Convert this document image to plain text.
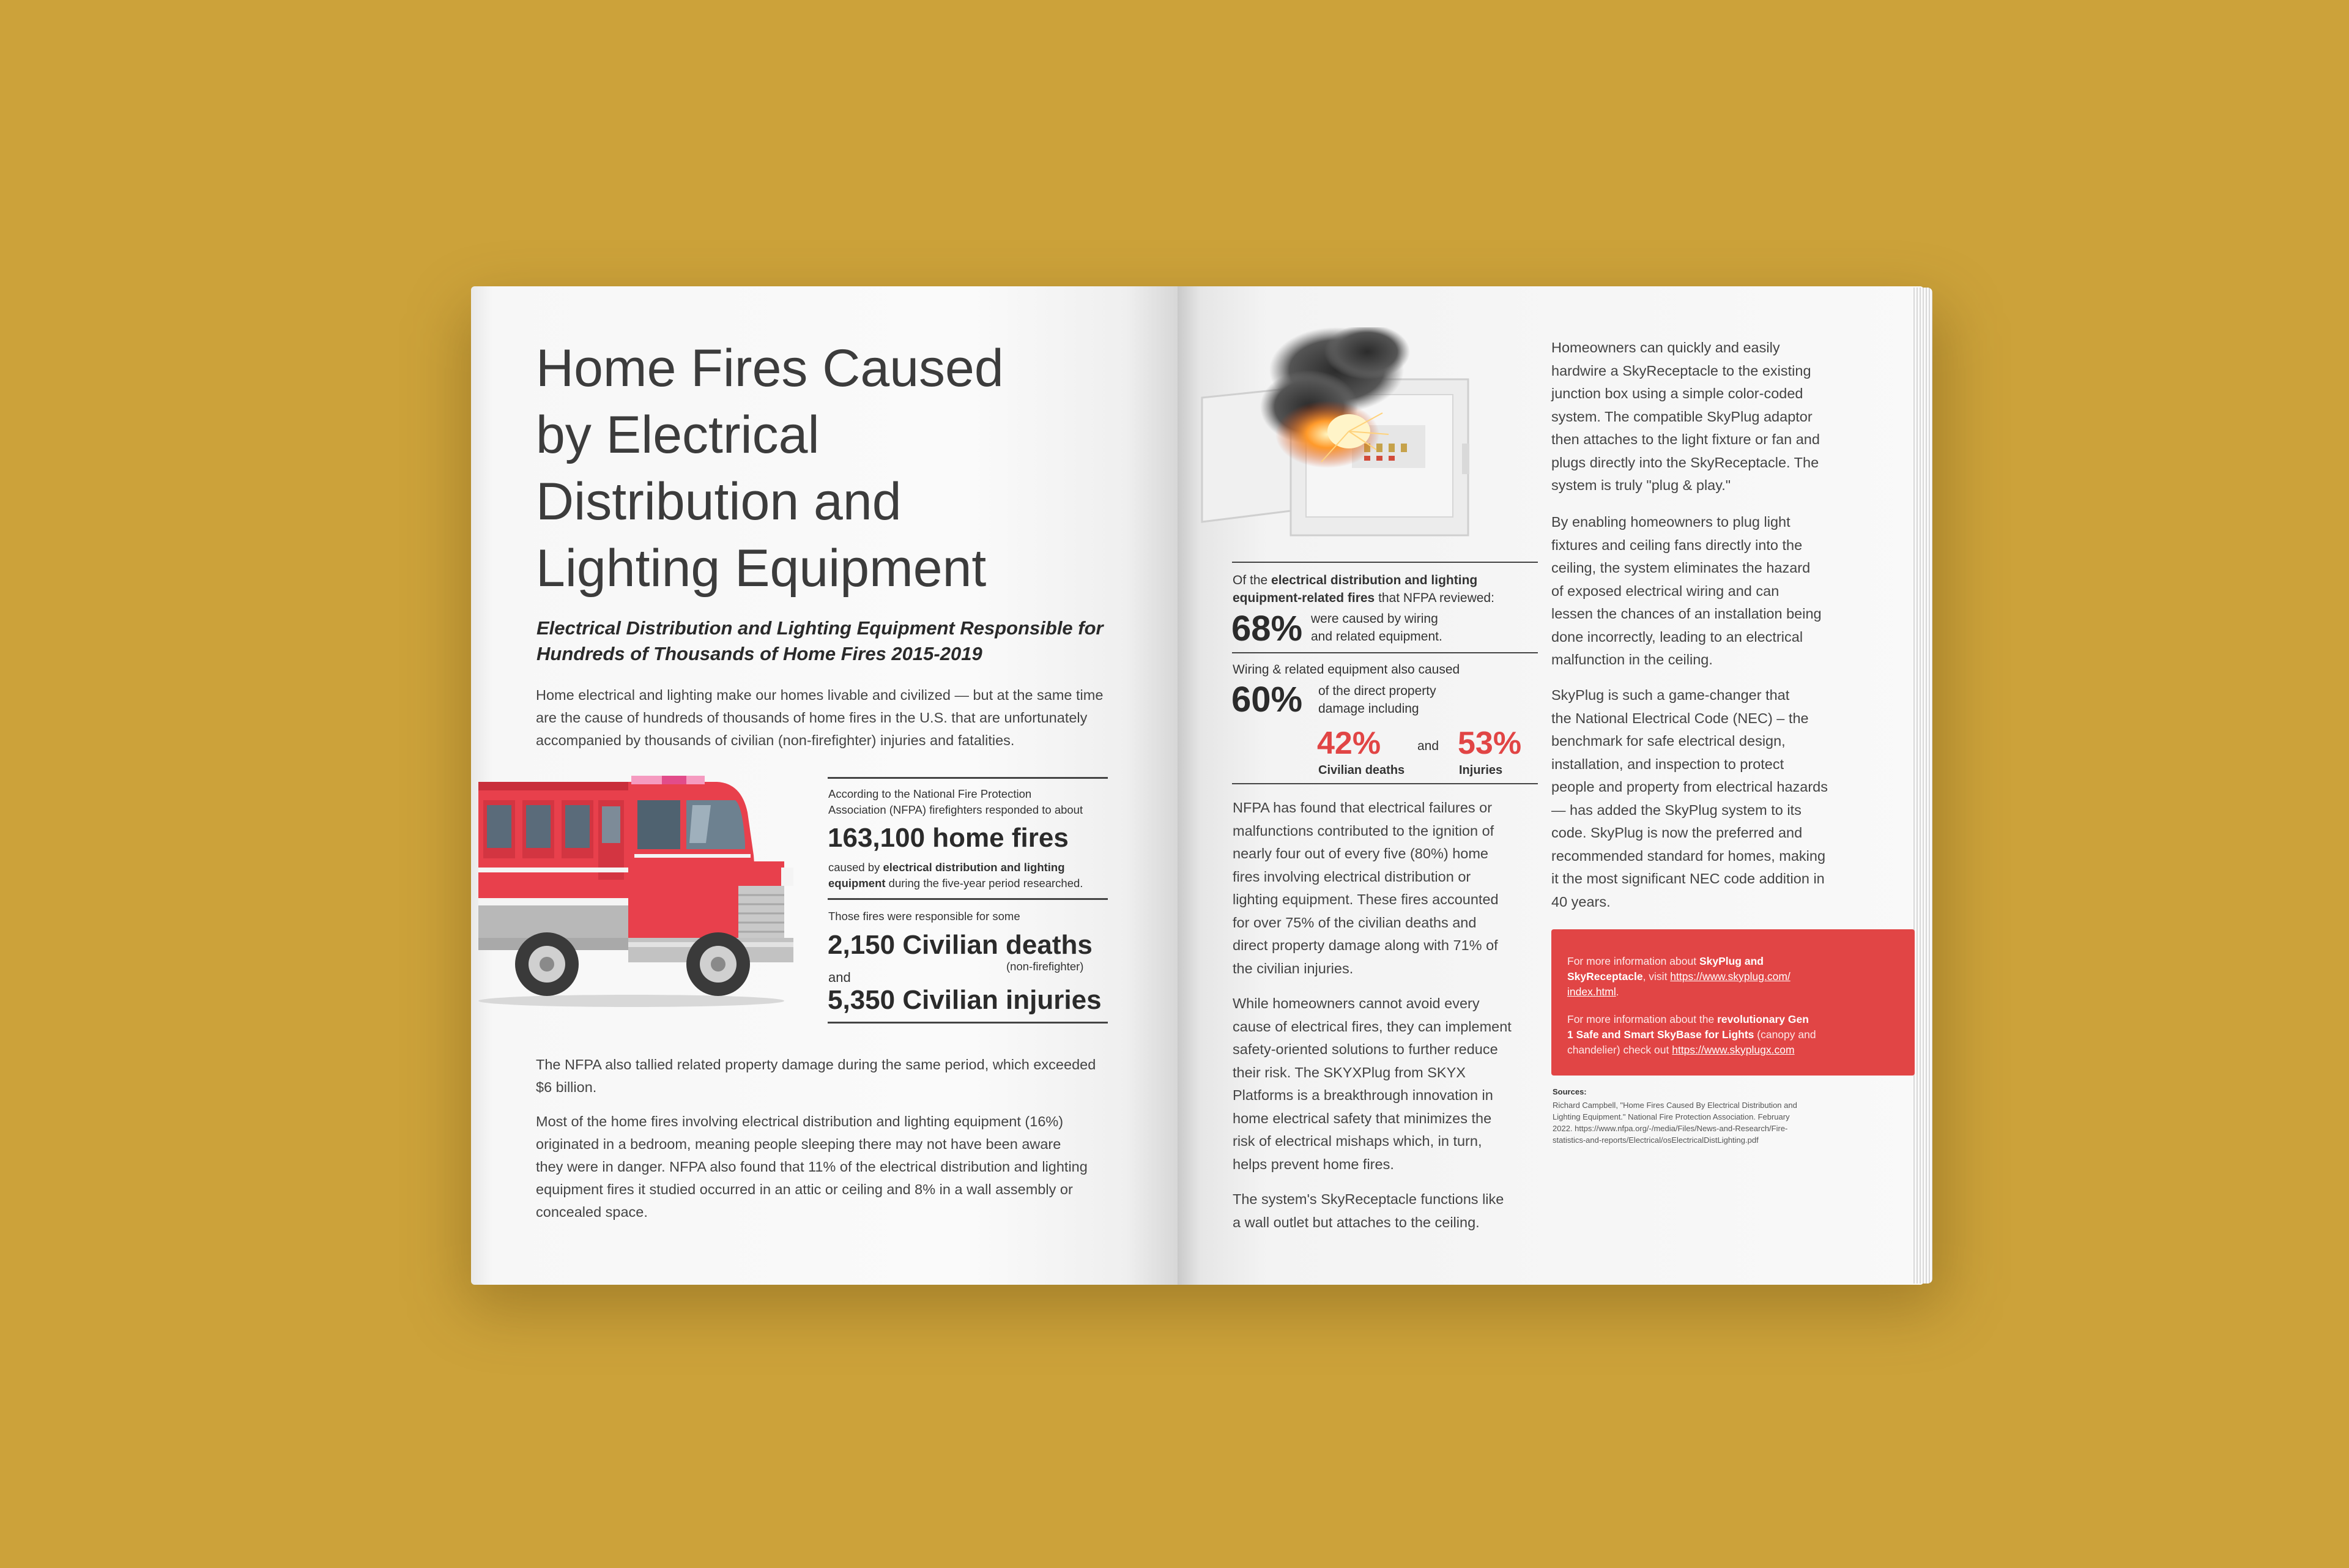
Home Fires Caused
by Electrical
Distribution and
Lighting Equipment
Electrical Distribution and Lighting Equipment Responsible for
Hundreds of Thousands of Home Fires 2015-2019
Home electrical and lighting make our homes livable and civilized — but at the same time
are the cause of hundreds of thousands of home fires in the U.S. that are unfortunately
accompanied by thousands of civilian (non-firefighter) injuries and fatalities.
According to the National Fire Protection
Association (NFPA) firefighters responded to about
163,100 home fires
caused by electrical distribution and lighting
equipment during the five-year period researched.
Those fires were responsible for some
2,150 Civilian deaths
(non-firefighter)
and
5,350 Civilian injuries
The NFPA also tallied related property damage during the same period, which exceeded
$6 billion.
Most of the home fires involving electrical distribution and lighting equipment (16%)
originated in a bedroom, meaning people sleeping there may not have been aware
they were in danger. NFPA also found that 11% of the electrical distribution and lighting
equipment fires it studied occurred in an attic or ceiling and 8% in a wall assembly or
concealed space.
Of the electrical distribution and lighting
equipment-related fires that NFPA reviewed:
68% were caused by wiring
and related equipment.
Wiring & related equipment also caused
60% of the direct property
damage including
42%
Civilian deaths
and 53%
Injuries
NFPA has found that electrical failures or
malfunctions contributed to the ignition of
nearly four out of every five (80%) home
fires involving electrical distribution or
lighting equipment. These fires accounted
for over 75% of the civilian deaths and
direct property damage along with 71% of
the civilian injuries.
While homeowners cannot avoid every
cause of electrical fires, they can implement
safety-oriented solutions to further reduce
their risk. The SKYXPlug from SKYX
Platforms is a breakthrough innovation in
home electrical safety that minimizes the
risk of electrical mishaps which, in turn,
helps prevent home fires.
The system's SkyReceptacle functions like
a wall outlet but attaches to the ceiling.
Homeowners can quickly and easily
hardwire a SkyReceptacle to the existing
junction box using a simple color-coded
system. The compatible SkyPlug adaptor
then attaches to the light fixture or fan and
plugs directly into the SkyReceptacle. The
system is truly "plug & play."
By enabling homeowners to plug light
fixtures and ceiling fans directly into the
ceiling, the system eliminates the hazard
of exposed electrical wiring and can
lessen the chances of an installation being
done incorrectly, leading to an electrical
malfunction in the ceiling.
SkyPlug is such a game-changer that
the National Electrical Code (NEC) – the
benchmark for safe electrical design,
installation, and inspection to protect
people and property from electrical hazards
— has added the SkyPlug system to its
code. SkyPlug is now the preferred and
recommended standard for homes, making
it the most significant NEC code addition in
40 years.
For more information about SkyPlug and
SkyReceptacle, visit https://www.skyplug.com/
index.html.
For more information about the revolutionary Gen
1 Safe and Smart SkyBase for Lights (canopy and
chandelier) check out https://www.skyplugx.com
Sources:
Richard Campbell, "Home Fires Caused By Electrical Distribution and
Lighting Equipment." National Fire Protection Association. February
2022. https://www.nfpa.org/-/media/Files/News-and-Research/Fire-
statistics-and-reports/Electrical/osElectricalDistLighting.pdf
